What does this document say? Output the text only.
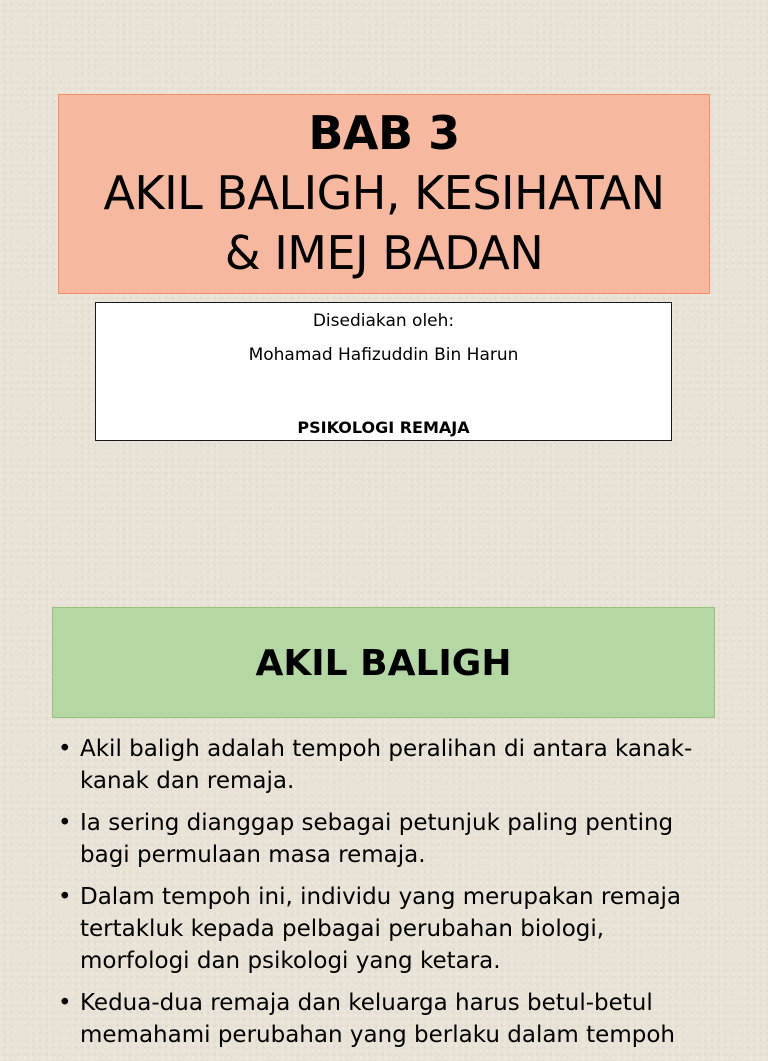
BAB 3
AKIL BALIGH, KESIHATAN
& IMEJ BADAN
Disediakan oleh:
Mohamad Hafizuddin Bin Harun
PSIKOLOGI REMAJA
AKIL BALIGH
• Akil baligh adalah tempoh peralihan di antara kanak-kanak dan remaja.
• Ia sering dianggap sebagai petunjuk paling penting bagi permulaan masa remaja.
• Dalam tempoh ini, individu yang merupakan remaja tertakluk kepada pelbagai perubahan biologi, morfologi dan psikologi yang ketara.
• Kedua-dua remaja dan keluarga harus betul-betul memahami perubahan yang berlaku dalam tempoh
